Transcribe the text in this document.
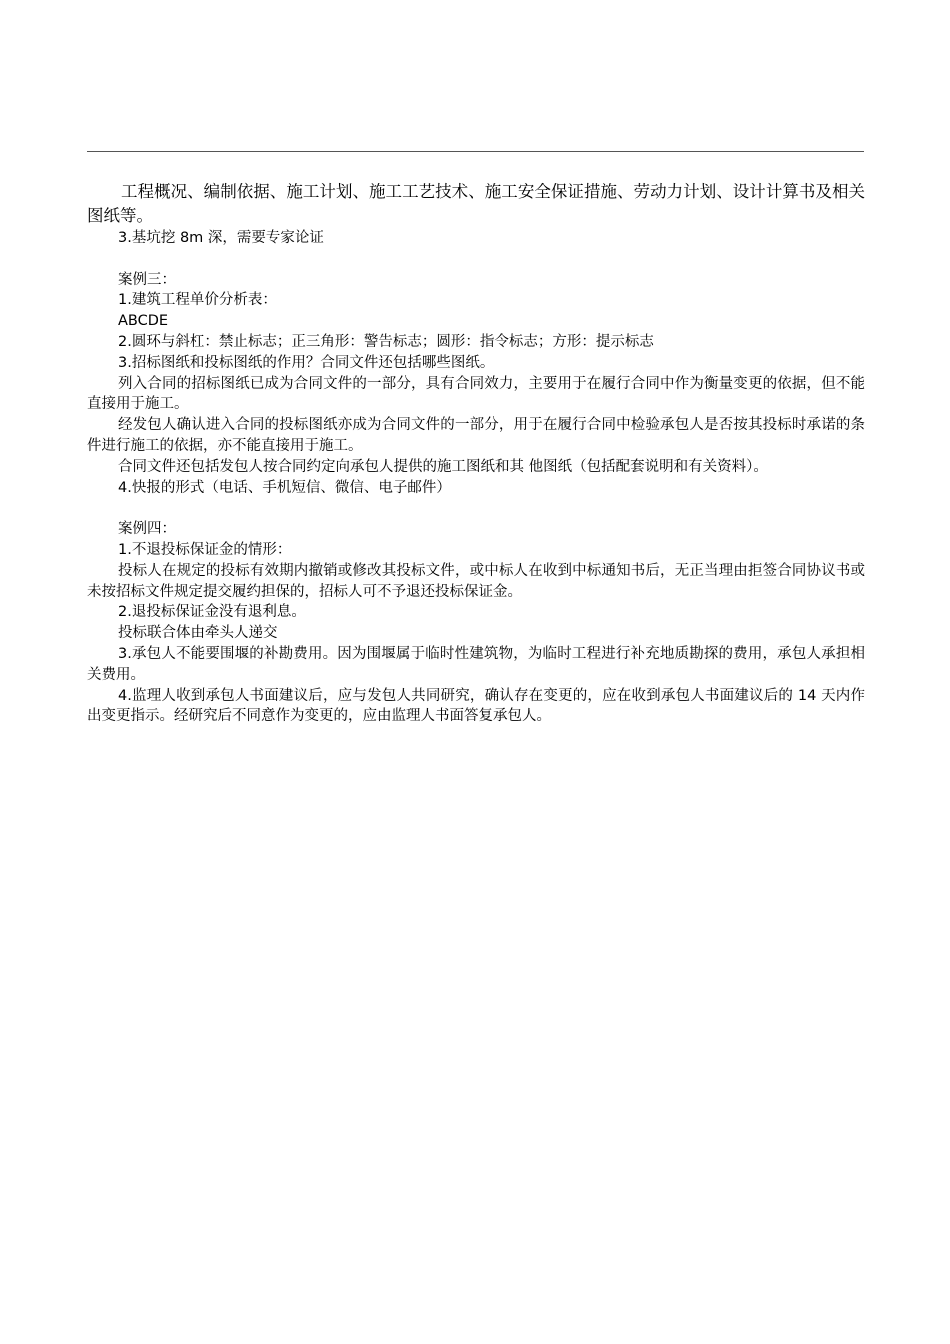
工程概况、编制依据、施工计划、施工工艺技术、施工安全保证措施、劳动力计划、设计计算书及相关图纸等。

3.基坑挖 8m 深，需要专家论证

案例三：

1.建筑工程单价分析表：

ABCDE

2.圆环与斜杠：禁止标志；正三角形：警告标志；圆形：指令标志；方形：提示标志

3.招标图纸和投标图纸的作用？合同文件还包括哪些图纸。

列入合同的招标图纸已成为合同文件的一部分，具有合同效力，主要用于在履行合同中作为衡量变更的依据，但不能直接用于施工。

经发包人确认进入合同的投标图纸亦成为合同文件的一部分，用于在履行合同中检验承包人是否按其投标时承诺的条件进行施工的依据，亦不能直接用于施工。

合同文件还包括发包人按合同约定向承包人提供的施工图纸和其 他图纸（包括配套说明和有关资料）。

4.快报的形式（电话、手机短信、微信、电子邮件）

案例四：

1.不退投标保证金的情形：

投标人在规定的投标有效期内撤销或修改其投标文件，或中标人在收到中标通知书后，无正当理由拒签合同协议书或未按招标文件规定提交履约担保的，招标人可不予退还投标保证金。

2.退投标保证金没有退利息。

投标联合体由牵头人递交

3.承包人不能要围堰的补勘费用。因为围堰属于临时性建筑物，为临时工程进行补充地质勘探的费用，承包人承担相关费用。

4.监理人收到承包人书面建议后，应与发包人共同研究，确认存在变更的，应在收到承包人书面建议后的 14 天内作出变更指示。经研究后不同意作为变更的，应由监理人书面答复承包人。
